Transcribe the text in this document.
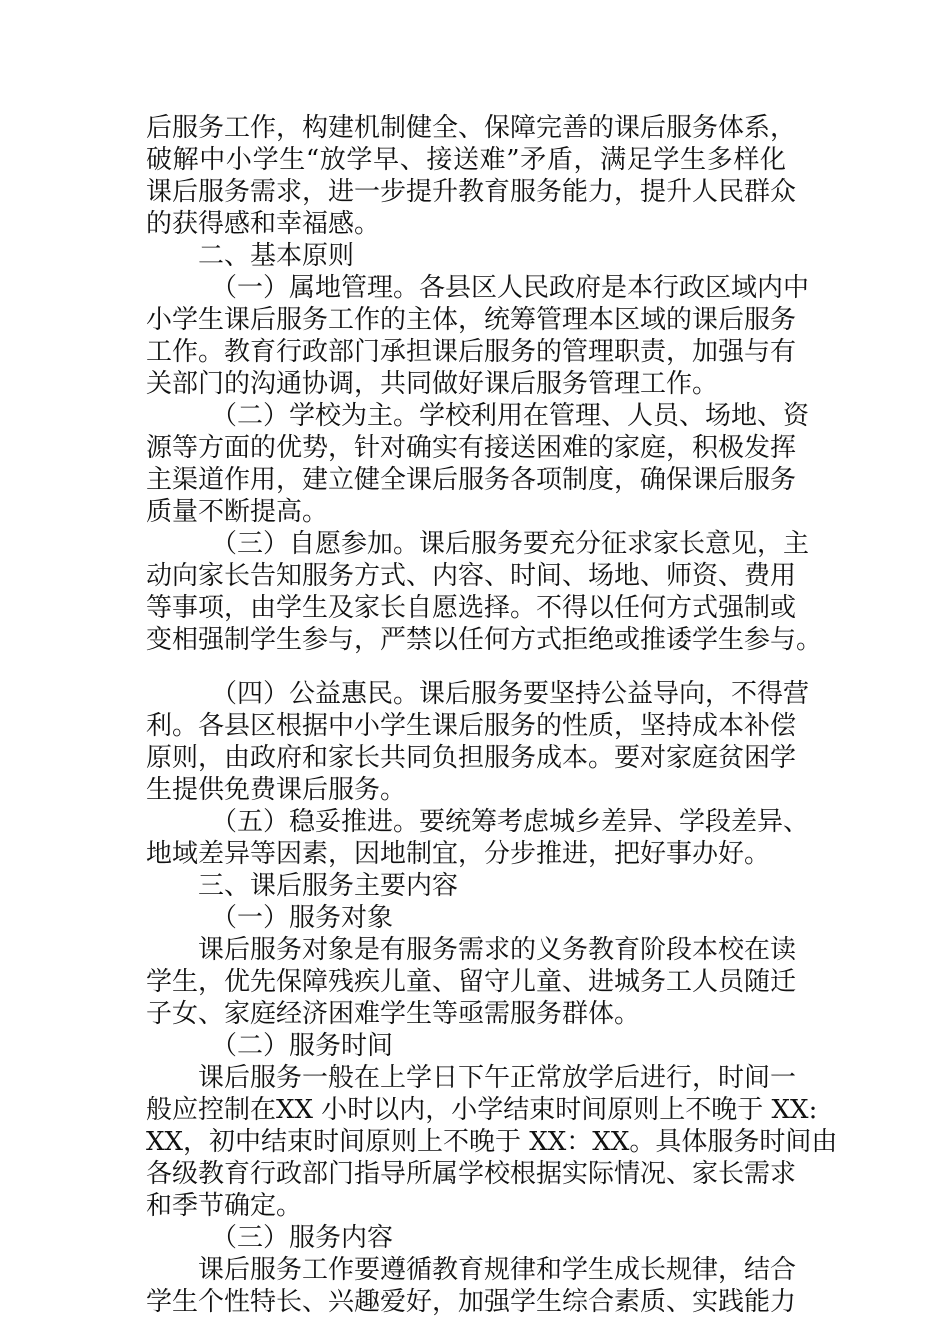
后服务工作，构建机制健全、保障完善的课后服务体系，
破解中小学生“放学早、接送难”矛盾，满足学生多样化
课后服务需求，进一步提升教育服务能力，提升人民群众
的获得感和幸福感。
二、基本原则
（一）属地管理。各县区人民政府是本行政区域内中
小学生课后服务工作的主体，统筹管理本区域的课后服务
工作。教育行政部门承担课后服务的管理职责，加强与有
关部门的沟通协调，共同做好课后服务管理工作。
（二）学校为主。学校利用在管理、人员、场地、资
源等方面的优势，针对确实有接送困难的家庭，积极发挥
主渠道作用，建立健全课后服务各项制度，确保课后服务
质量不断提高。
（三）自愿参加。课后服务要充分征求家长意见，主
动向家长告知服务方式、内容、时间、场地、师资、费用
等事项，由学生及家长自愿选择。不得以任何方式强制或
变相强制学生参与，严禁以任何方式拒绝或推诿学生参与。
（四）公益惠民。课后服务要坚持公益导向，不得营
利。各县区根据中小学生课后服务的性质，坚持成本补偿
原则，由政府和家长共同负担服务成本。要对家庭贫困学
生提供免费课后服务。
（五）稳妥推进。要统筹考虑城乡差异、学段差异、
地域差异等因素，因地制宜，分步推进，把好事办好。
三、课后服务主要内容
（一）服务对象
课后服务对象是有服务需求的义务教育阶段本校在读
学生，优先保障残疾儿童、留守儿童、进城务工人员随迁
子女、家庭经济困难学生等亟需服务群体。
（二）服务时间
课后服务一般在上学日下午正常放学后进行，时间一
般应控制在XX 小时以内，小学结束时间原则上不晚于 XX:
XX，初中结束时间原则上不晚于 XX：XX。具体服务时间由
各级教育行政部门指导所属学校根据实际情况、家长需求
和季节确定。
（三）服务内容
课后服务工作要遵循教育规律和学生成长规律，结合
学生个性特长、兴趣爱好，加强学生综合素质、实践能力
